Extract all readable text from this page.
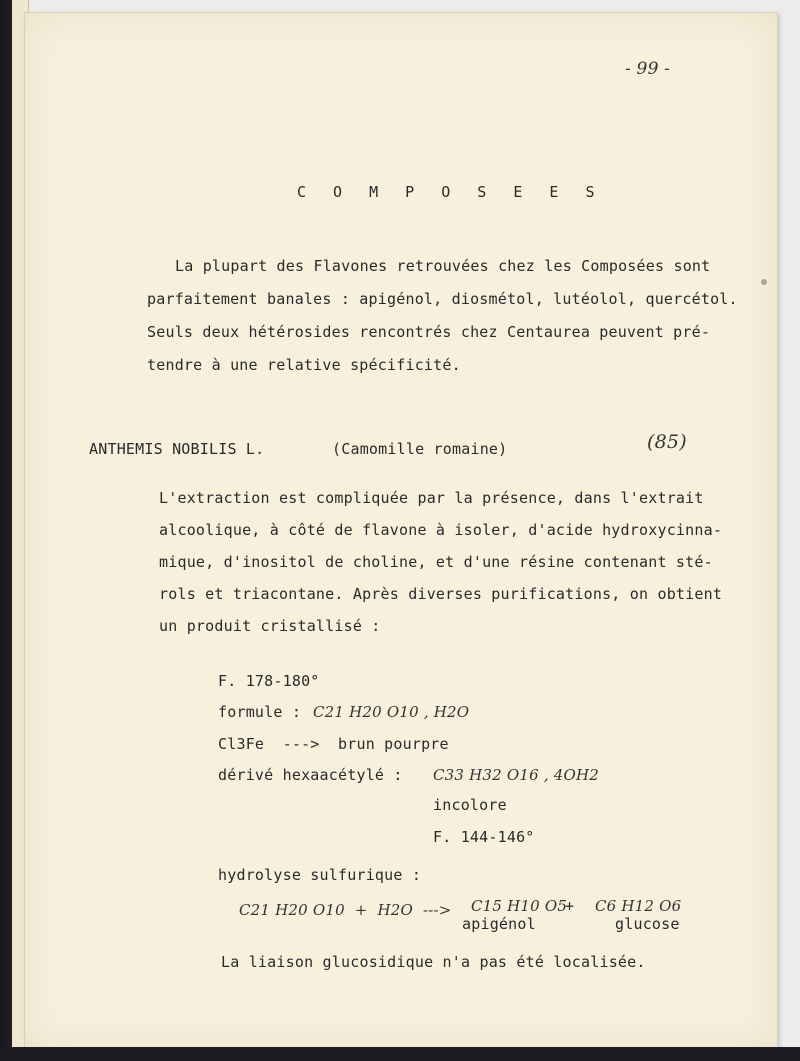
- 99 -
C O M P O S E E S
La plupart des Flavones retrouvées chez les Composées sont
parfaitement banales : apigénol, diosmétol, lutéolol, quercétol.
Seuls deux hétérosides rencontrés chez Centaurea peuvent pré-
tendre à une relative spécificité.
ANTHEMIS NOBILIS L.	(Camomille romaine)	(85)
L'extraction est compliquée par la présence, dans l'extrait
alcoolique, à côté de flavone à isoler, d'acide hydroxycinna-
mique, d'inositol de choline, et d'une résine contenant sté-
rols et triacontane. Après diverses purifications, on obtient
un produit cristallisé :
F. 178-180°
formule : C21 H20 O10 , H2O
Cl3Fe  --->  brun pourpre
dérivé hexaacétylé : C33 H32 O16 , 4OH2
incolore
F. 144-146°
hydrolyse sulfurique :
C21 H20 O10  +  H2O  ---> C15 H10 O5
+ C6 H12 O6
apigénol	glucose
La liaison glucosidique n'a pas été localisée.
